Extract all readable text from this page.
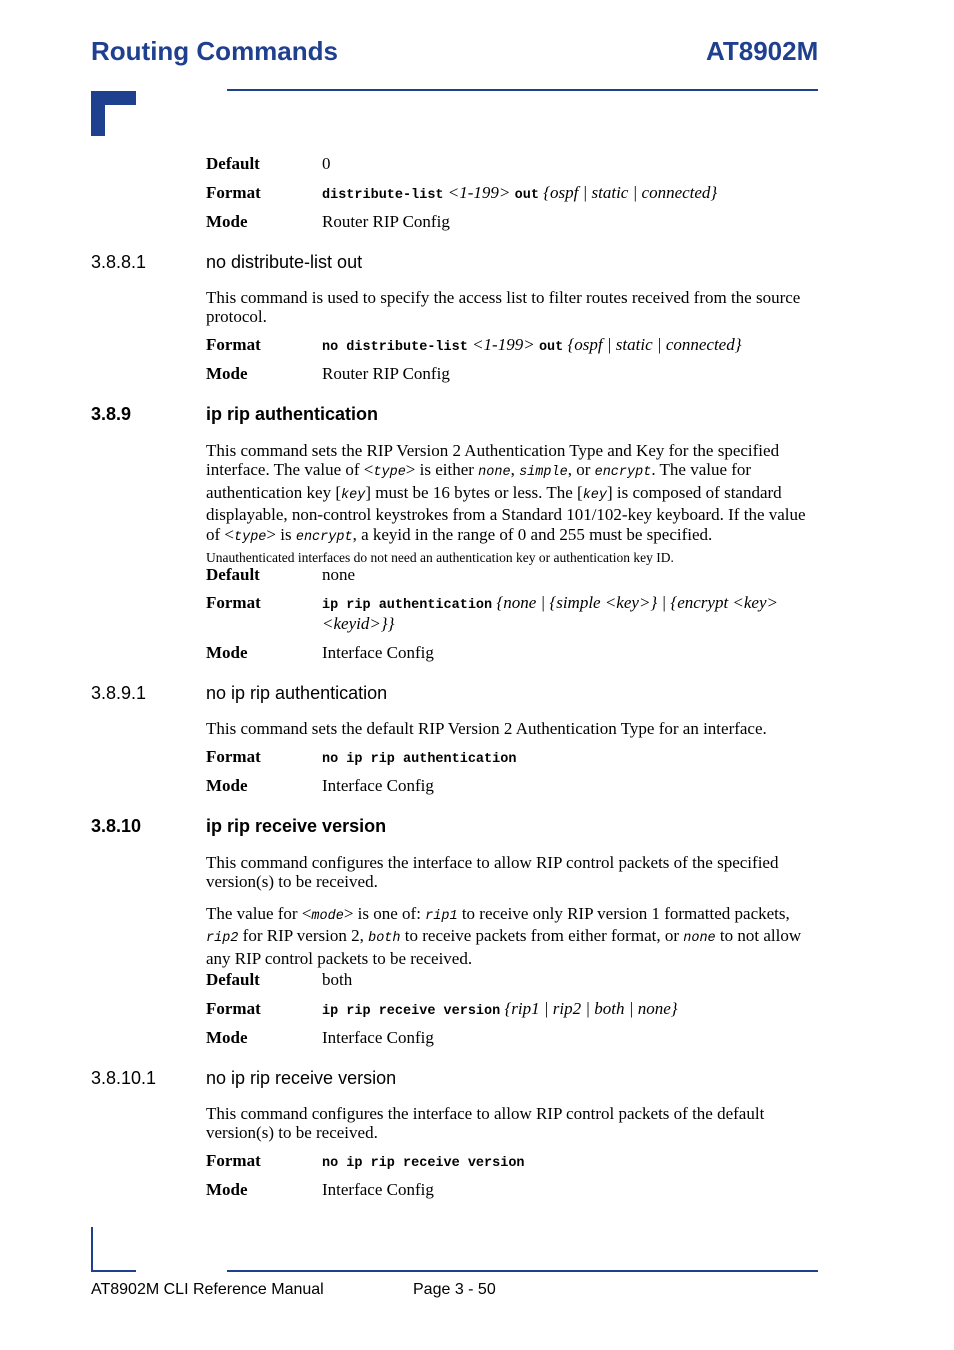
Routing Commands	AT8902M
Default	0
Format	distribute-list <1-199> out {ospf | static | connected}
Mode	Router RIP Config
3.8.8.1	no distribute-list out
This command is used to specify the access list to filter routes received from the source protocol.
Format	no distribute-list <1-199> out {ospf | static | connected}
Mode	Router RIP Config
3.8.9	ip rip authentication
This command sets the RIP Version 2 Authentication Type and Key for the specified interface. The value of <type> is either none, simple, or encrypt. The value for authentication key [key] must be 16 bytes or less. The [key] is composed of standard displayable, non-control keystrokes from a Standard 101/102-key keyboard. If the value of <type> is encrypt, a keyid in the range of 0 and 255 must be specified.
Unauthenticated interfaces do not need an authentication key or authentication key ID.
Default	none
Format	ip rip authentication {none | {simple <key>} | {encrypt <key>
<keyid>}}
Mode	Interface Config
3.8.9.1	no ip rip authentication
This command sets the default RIP Version 2 Authentication Type for an interface.
Format	no ip rip authentication
Mode	Interface Config
3.8.10	ip rip receive version
This command configures the interface to allow RIP control packets of the specified version(s) to be received.
The value for <mode> is one of: rip1 to receive only RIP version 1 formatted packets, rip2 for RIP version 2, both to receive packets from either format, or none to not allow any RIP control packets to be received.
Default	both
Format	ip rip receive version {rip1 | rip2 | both | none}
Mode	Interface Config
3.8.10.1	no ip rip receive version
This command configures the interface to allow RIP control packets of the default version(s) to be received.
Format	no ip rip receive version
Mode	Interface Config
AT8902M CLI Reference Manual	Page 3 - 50
